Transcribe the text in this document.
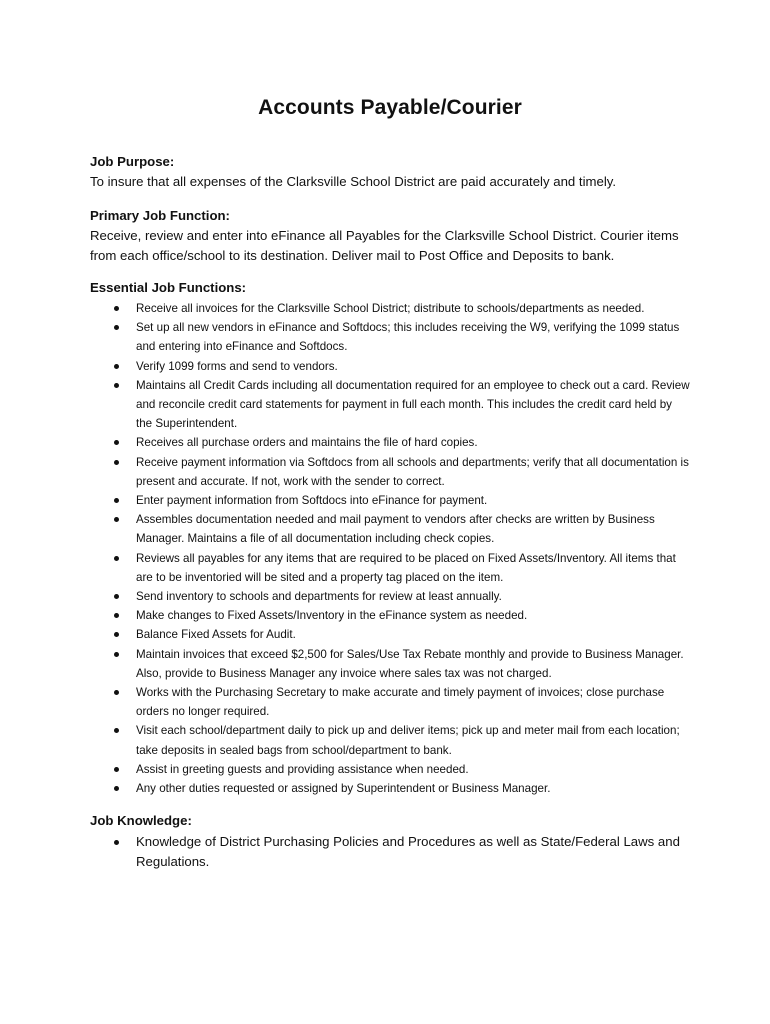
Accounts Payable/Courier
Job Purpose:
To insure that all expenses of the Clarksville School District are paid accurately and timely.
Primary Job Function:
Receive, review and enter into eFinance all Payables for the Clarksville School District. Courier items from each office/school to its destination. Deliver mail to Post Office and Deposits to bank.
Essential Job Functions:
Receive all invoices for the Clarksville School District; distribute to schools/departments as needed.
Set up all new vendors in eFinance and Softdocs; this includes receiving the W9, verifying the 1099 status and entering into eFinance and Softdocs.
Verify 1099 forms and send to vendors.
Maintains all Credit Cards including all documentation required for an employee to check out a card. Review and reconcile credit card statements for payment in full each month. This includes the credit card held by the Superintendent.
Receives all purchase orders and maintains the file of hard copies.
Receive payment information via Softdocs from all schools and departments; verify that all documentation is present and accurate. If not, work with the sender to correct.
Enter payment information from Softdocs into eFinance for payment.
Assembles documentation needed and mail payment to vendors after checks are written by Business Manager. Maintains a file of all documentation including check copies.
Reviews all payables for any items that are required to be placed on Fixed Assets/Inventory. All items that are to be inventoried will be sited and a property tag placed on the item.
Send inventory to schools and departments for review at least annually.
Make changes to Fixed Assets/Inventory in the eFinance system as needed.
Balance Fixed Assets for Audit.
Maintain invoices that exceed $2,500 for Sales/Use Tax Rebate monthly and provide to Business Manager. Also, provide to Business Manager any invoice where sales tax was not charged.
Works with the Purchasing Secretary to make accurate and timely payment of invoices; close purchase orders no longer required.
Visit each school/department daily to pick up and deliver items; pick up and meter mail from each location; take deposits in sealed bags from school/department to bank.
Assist in greeting guests and providing assistance when needed.
Any other duties requested or assigned by Superintendent or Business Manager.
Job Knowledge:
Knowledge of District Purchasing Policies and Procedures as well as State/Federal Laws and Regulations.
